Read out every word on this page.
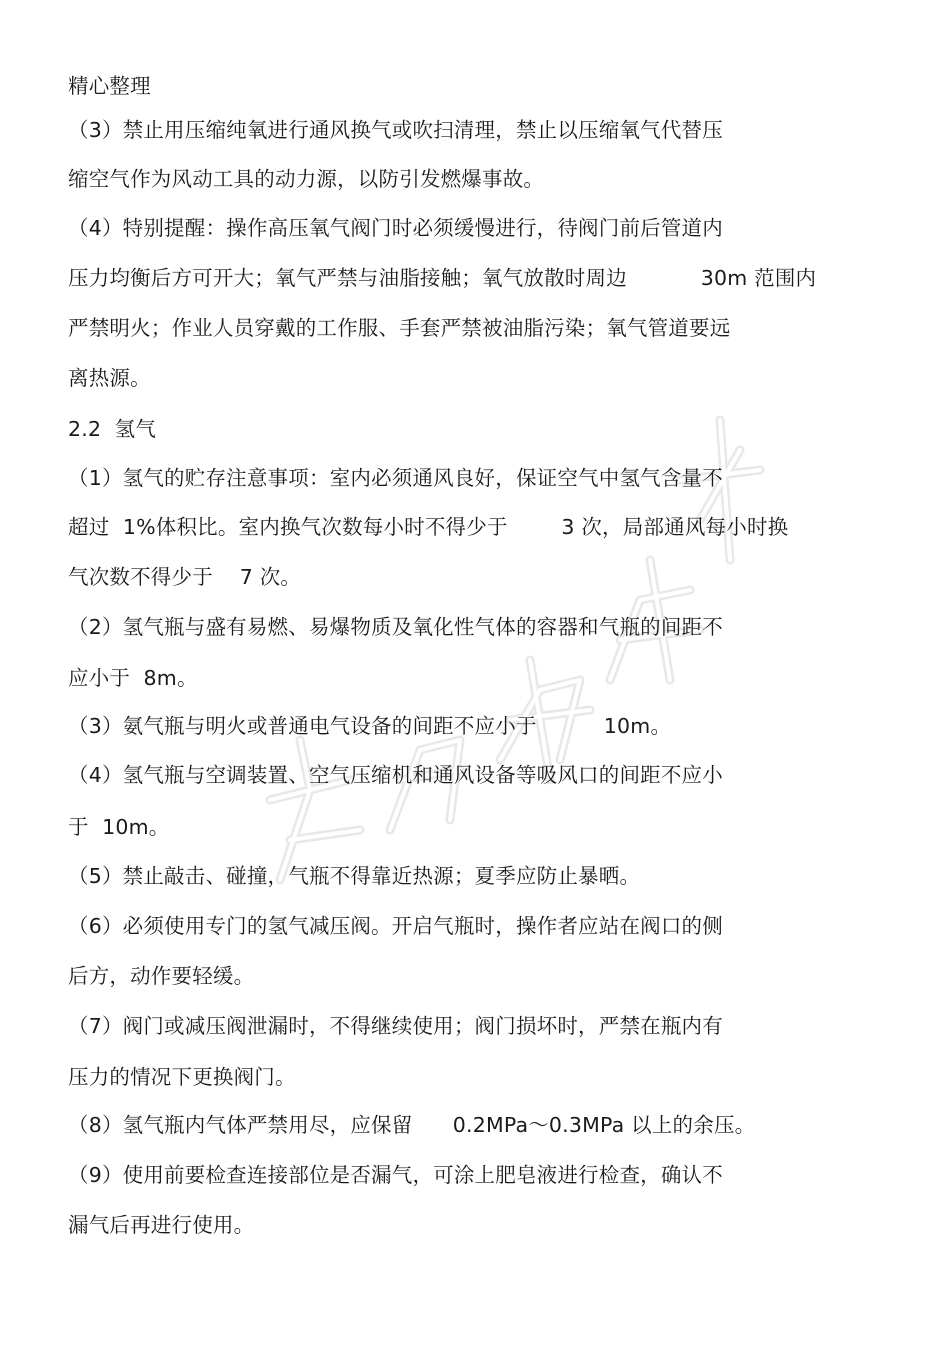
精心整理

（3）禁止用压缩纯氧进行通风换气或吹扫清理，禁止以压缩氧气代替压

缩空气作为风动工具的动力源，以防引发燃爆事故。

（4）特别提醒：操作高压氧气阀门时必须缓慢进行，待阀门前后管道内

压力均衡后方可开大；氧气严禁与油脂接触；氧气放散时周边           30m 范围内

严禁明火；作业人员穿戴的工作服、手套严禁被油脂污染；氧气管道要远

离热源。

2.2  氢气

（1）氢气的贮存注意事项：室内必须通风良好，保证空气中氢气含量不

超过  1%体积比。室内换气次数每小时不得少于        3 次，局部通风每小时换

气次数不得少于    7 次。

（2）氢气瓶与盛有易燃、易爆物质及氧化性气体的容器和气瓶的间距不

应小于  8m。

（3）氨气瓶与明火或普通电气设备的间距不应小于          10m。

（4）氢气瓶与空调装置、空气压缩机和通风设备等吸风口的间距不应小

于  10m。

（5）禁止敲击、碰撞，气瓶不得靠近热源；夏季应防止暴晒。

（6）必须使用专门的氢气减压阀。开启气瓶时，操作者应站在阀口的侧

后方，动作要轻缓。

（7）阀门或减压阀泄漏时，不得继续使用；阀门损坏时，严禁在瓶内有

压力的情况下更换阀门。

（8）氢气瓶内气体严禁用尽，应保留      0.2MPa～0.3MPa 以上的余压。

（9）使用前要检查连接部位是否漏气，可涂上肥皂液进行检查，确认不

漏气后再进行使用。
